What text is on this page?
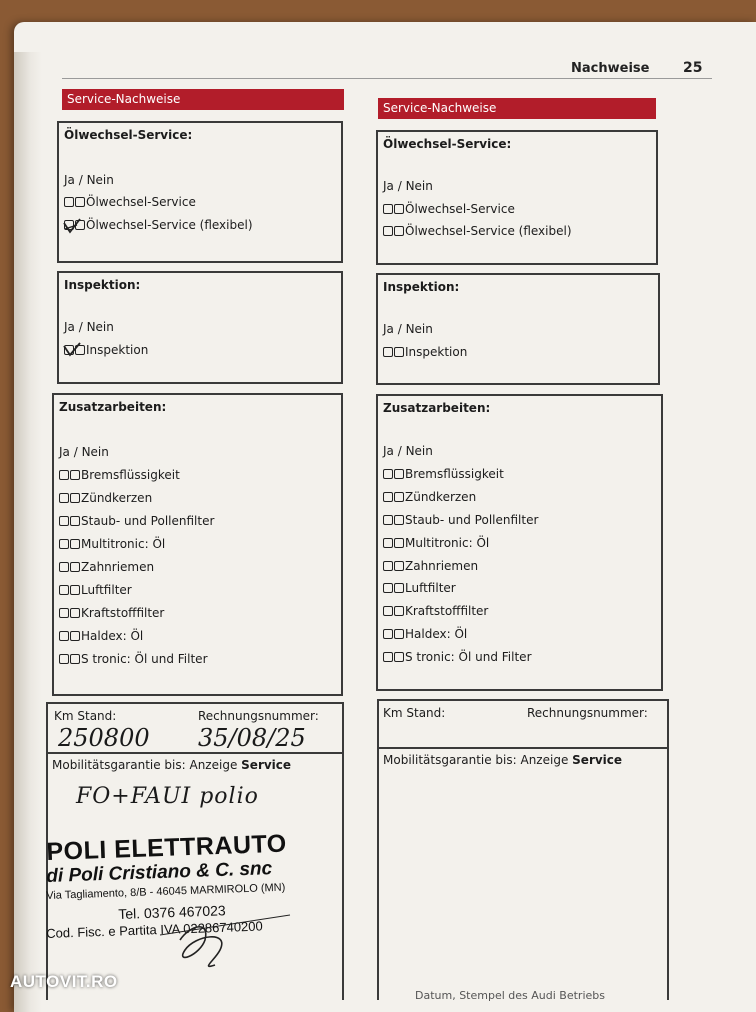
Nachweise 25
Service-Nachweise
Ölwechsel-Service:
Ja / Nein
Ölwechsel-Service
Ölwechsel-Service (flexibel)
Inspektion:
Ja / Nein
Inspektion
Zusatzarbeiten:
Ja / Nein
Bremsflüssigkeit
Zündkerzen
Staub- und Pollenfilter
Multitronic: Öl
Zahnriemen
Luftfilter
Kraftstofffilter
Haldex: Öl
S tronic: Öl und Filter
Km Stand:	Rechnungsnummer:
250800 35/08/25
Mobilitätsgarantie bis: Anzeige Service
FO+FAUI polio
POLI ELETTRAUTO
di Poli Cristiano & C. snc
Via Tagliamento, 8/B - 46045 MARMIROLO (MN)
Tel. 0376 467023
Cod. Fisc. e Partita IVA 02286740200
Service-Nachweise
Ölwechsel-Service:
Ja / Nein
Ölwechsel-Service
Ölwechsel-Service (flexibel)
Inspektion:
Ja / Nein
Inspektion
Zusatzarbeiten:
Ja / Nein
Bremsflüssigkeit
Zündkerzen
Staub- und Pollenfilter
Multitronic: Öl
Zahnriemen
Luftfilter
Kraftstofffilter
Haldex: Öl
S tronic: Öl und Filter
Km Stand:	Rechnungsnummer:
Mobilitätsgarantie bis: Anzeige Service
Datum, Stempel des Audi Betriebs
AUTOVIT.RO
